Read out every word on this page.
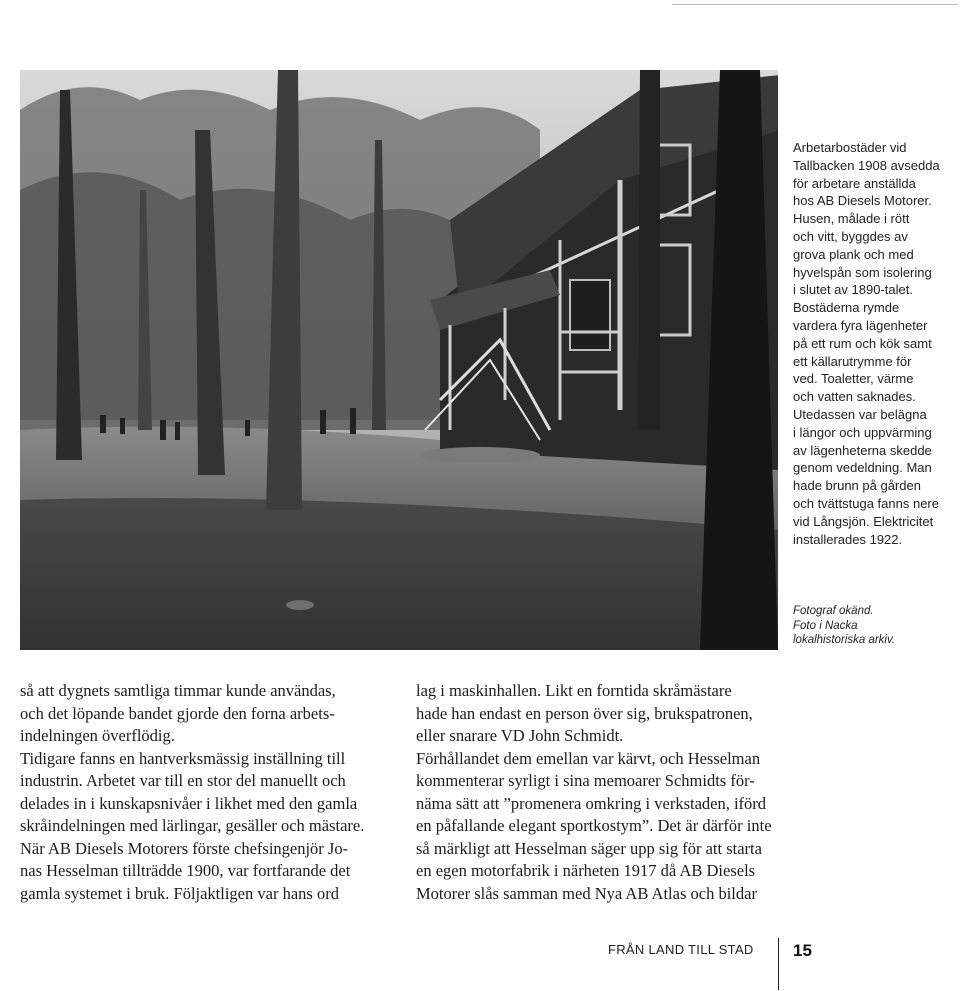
Arbetarbostäder vid

Tallbacken 1908 avsedda

för arbetare anställda

hos AB Diesels Motorer.

Husen, målade i rött

och vitt, byggdes av

grova plank och med

hyvelspån som isolering

i slutet av 1890-talet.

Bostäderna rymde

vardera fyra lägenheter

på ett rum och kök samt

ett källarutrymme för

ved. Toaletter, värme

och vatten saknades.

Utedassen var belägna

i längor och uppvärming

av lägenheterna skedde

genom vedeldning. Man

hade brunn på gården

och tvättstuga fanns nere

vid Långsjön. Elektricitet

installerades 1922.

Fotograf okänd.
Foto i Nacka
lokalhistoriska arkiv.

så att dygnets samtliga timmar kunde användas,

och det löpande bandet gjorde den forna arbets-

indelningen överflödig.

Tidigare fanns en hantverksmässig inställning till

industrin. Arbetet var till en stor del manuellt och

delades in i kunskapsnivåer i likhet med den gamla

skråindelningen med lärlingar, gesäller och mästare.

När AB Diesels Motorers förste chefsingenjör Jo-

nas Hesselman tillträdde 1900, var fortfarande det

gamla systemet i bruk. Följaktligen var hans ord

lag i maskinhallen. Likt en forntida skråmästare

hade han endast en person över sig, brukspatronen,

eller snarare VD John Schmidt.

Förhållandet dem emellan var kärvt, och Hesselman

kommenterar syrligt i sina memoarer Schmidts för-

näma sätt att ”promenera omkring i verkstaden, iförd

en påfallande elegant sportkostym”. Det är därför inte

så märkligt att Hesselman säger upp sig för att starta

en egen motorfabrik i närheten 1917 då AB Diesels

Motorer slås samman med Nya AB Atlas och bildar

FRÅN LAND TILL STAD 15
